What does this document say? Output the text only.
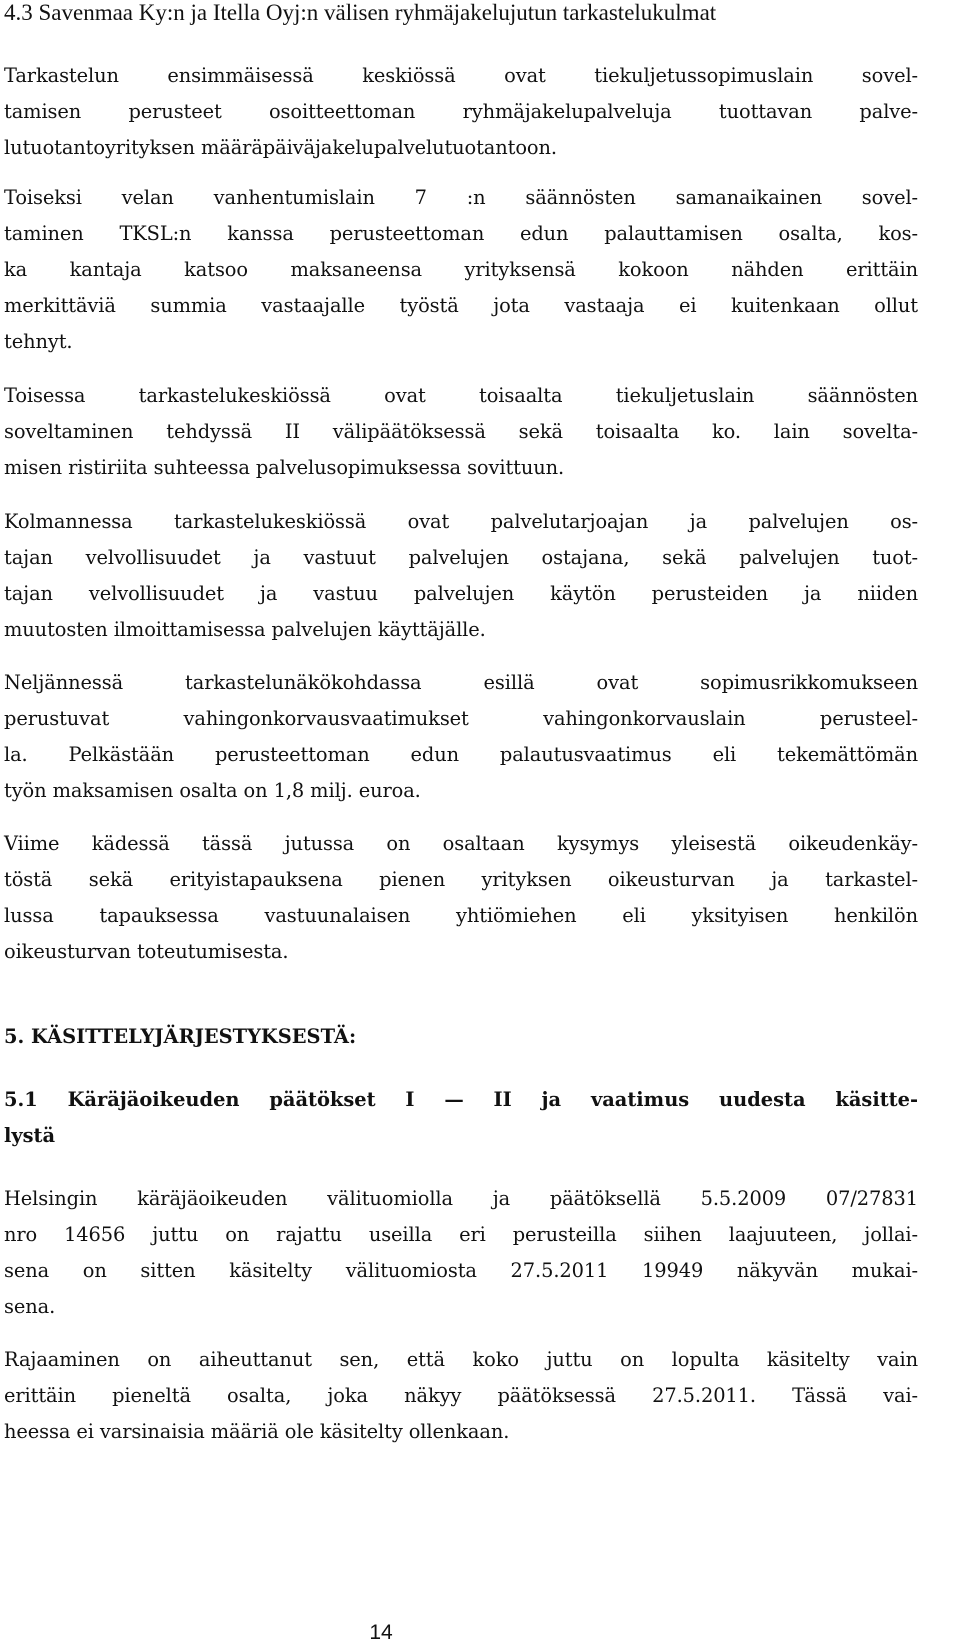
4.3 Savenmaa Ky:n ja Itella Oyj:n välisen ryhmäjakelujutun tarkastelukulmat

Tarkastelun ensimmäisessä keskiössä ovat tiekuljetussopimuslain sovel-
tamisen perusteet osoitteettoman ryhmäjakelupalveluja tuottavan palve-
lutuotantoyrityksen määräpäiväjakelupalvelutuotantoon.

Toiseksi velan vanhentumislain 7 :n säännösten samanaikainen sovel-
taminen TKSL:n kanssa perusteettoman edun palauttamisen osalta, kos-
ka kantaja katsoo maksaneensa yrityksensä kokoon nähden erittäin
merkittäviä summia vastaajalle työstä jota vastaaja ei kuitenkaan ollut
tehnyt.

Toisessa tarkastelukeskiössä ovat toisaalta tiekuljetuslain säännösten
soveltaminen tehdyssä II välipäätöksessä sekä toisaalta ko. lain sovelta-
misen ristiriita suhteessa palvelusopimuksessa sovittuun.

Kolmannessa tarkastelukeskiössä ovat palvelutarjoajan ja palvelujen os-
tajan velvollisuudet ja vastuut palvelujen ostajana, sekä palvelujen tuot-
tajan velvollisuudet ja vastuu palvelujen käytön perusteiden ja niiden
muutosten ilmoittamisessa palvelujen käyttäjälle.

Neljännessä tarkastelunäkökohdassa esillä ovat sopimusrikkomukseen
perustuvat vahingonkorvausvaatimukset vahingonkorvauslain perusteel-
la. Pelkästään perusteettoman edun palautusvaatimus eli tekemättömän
työn maksamisen osalta on 1,8 milj. euroa.

Viime kädessä tässä jutussa on osaltaan kysymys yleisestä oikeudenkäy-
töstä sekä erityistapauksena pienen yrityksen oikeusturvan ja tarkastel-
lussa tapauksessa vastuunalaisen yhtiömiehen eli yksityisen henkilön
oikeusturvan toteutumisesta.

5. KÄSITTELYJÄRJESTYKSESTÄ:
5.1 Käräjäoikeuden päätökset I — II ja vaatimus uudesta käsitte-
lystä

Helsingin käräjäoikeuden välituomiolla ja päätöksellä 5.5.2009 07/27831
nro 14656 juttu on rajattu useilla eri perusteilla siihen laajuuteen, jollai-
sena on sitten käsitelty välituomiosta 27.5.2011 19949 näkyvän mukai-
sena.

Rajaaminen on aiheuttanut sen, että koko juttu on lopulta käsitelty vain
erittäin pieneltä osalta, joka näkyy päätöksessä 27.5.2011. Tässä vai-
heessa ei varsinaisia määriä ole käsitelty ollenkaan.

14
